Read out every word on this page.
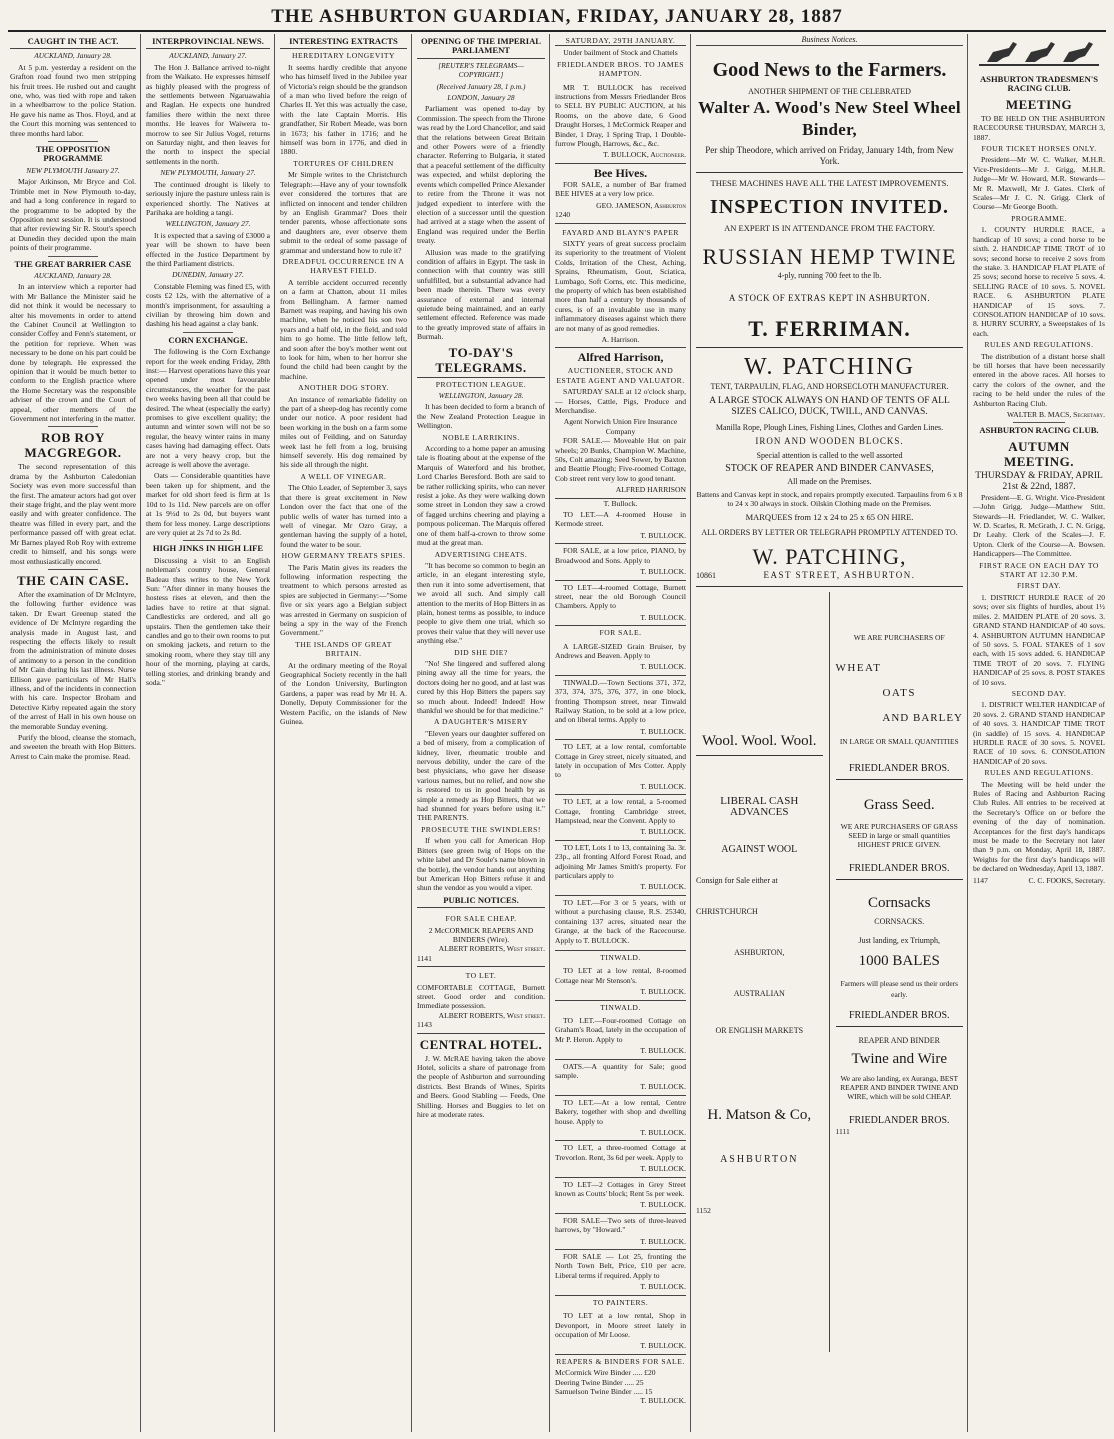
THE ASHBURTON GUARDIAN, FRIDAY, JANUARY 28, 1887
CAUGHT IN THE ACT.
AUCKLAND, January 28.

At 5 p.m. yesterday a resident on the Grafton road found two men stripping his fruit trees. He rushed out and caught one, who, was tied with rope and taken in a wheelbarrow to the police Station. He gave his name as Thos. Floyd, and at the Court this morning was sentenced to three months hard labor.

THE OPPOSITION PROGRAMME
NEW PLYMOUTH January 27.

Major Atkinson, Mr Bryce and Col. Trimble met in New Plymouth to-day, and had a long conference in regard to the programme to be adopted by the Opposition next session. It is understood that after reviewing Sir R. Stout's speech at Dunedin they decided upon the main points of their programme.

THE GREAT BARRIER CASE
AUCKLAND, January 28.

In an interview which a reporter had with Mr Ballance the Minister said he did not think it would be necessary to alter his movements in order to attend the Cabinet Council at Wellington to consider Coffey and Fenn's statement, or the petition for reprieve. When was necessary to be done on his part could be done by telegraph. He expressed the opinion that it would be much better to conform to the English practice where the Home Secretary was the responsible adviser of the crown and the Court of appeal, other members of the Government not interfering in the matter.

ROB ROY MACGREGOR.

The second representation of this drama by the Ashburton Caledonian Society was even more successful than the first. The amateur actors had got over their stage fright, and the play went more easily and with greater confidence. The theatre was filled in every part, and the performance passed off with great eclat. Mr Barnes played Rob Roy with extreme credit to himself, and his songs were most enthusiastically encored.

THE CAIN CASE.

After the examination of Dr McIntyre, the following further evidence was taken. Dr Ewart Greenup stated the evidence of Dr McIntyre regarding the analysis made in August last, and respecting the effects likely to result from the administration of minute doses of antimony to a person in the condition of Mr Cain during his last illness. Nurse Ellison gave particulars of Mr Hall's illness, and of the incidents in connection with his care. Inspector Broham and Detective Kirby repeated again the story of the arrest of Hall in his own house on the memorable Sunday evening.

Purify the blood, cleanse the stomach, and sweeten the breath with Hop Bitters. Arrest to Cain make the promise. Read.

INTERPROVINCIAL NEWS.
AUCKLAND, January 27.

The Hon J. Ballance arrived to-night from the Waikato. He expresses himself as highly pleased with the progress of the settlements between Ngaruawahia and Raglan. He expects one hundred families there within the next three months. He leaves for Waiwera to-morrow to see Sir Julius Vogel, returns on Saturday night, and then leaves for the north to inspect the special settlements in the north.

NEW PLYMOUTH, January 27.

The continued drought is likely to seriously injure the pasture unless rain is experienced shortly. The Natives at Parihaka are holding a tangi.

WELLINGTON, January 27.

It is expected that a saving of £3000 a year will be shown to have been effected in the Justice Department by the third Parliament districts.

DUNEDIN, January 27.

Constable Fleming was fined £5, with costs £2 12s, with the alternative of a month's imprisonment, for assaulting a civilian by throwing him down and dashing his head against a clay bank.

CORN EXCHANGE.

The following is the Corn Exchange report for the week ending Friday, 28th inst:— Harvest operations have this year opened under most favourable circumstances, the weather for the past two weeks having been all that could be desired. The wheat (especially the early) promises to give excellent quality; the autumn and winter sown will not be so regular, the heavy winter rains in many cases having had damaging effect. Oats are not a very heavy crop, but the acreage is well above the average.

Oats — Considerable quantities have been taken up for shipment, and the market for old short feed is firm at 1s 10d to 1s 11d. New parcels are on offer at 1s 9½d to 2s 0d, but buyers want them for less money. Large descriptions are very quiet at 2s 7d to 2s 8d.

HIGH JINKS IN HIGH LIFE

Discussing a visit to an English nobleman's country house, General Badeau thus writes to the New York Sun: "After dinner in many houses the hostess rises at eleven, and then the ladies have to retire at that signal. Candlesticks are ordered, and all go upstairs. Then the gentlemen take their candles and go to their own rooms to put on smoking jackets, and return to the smoking room, where they stay till any hour of the morning, playing at cards, telling stories, and drinking brandy and soda."

INTERESTING EXTRACTS
HEREDITARY LONGEVITY

It seems hardly credible that anyone who has himself lived in the Jubilee year of Victoria's reign should be the grandson of a man who lived before the reign of Charles II. Yet this was actually the case, with the late Captain Morris. His grandfather, Sir Robert Meade, was born in 1673; his father in 1716; and he himself was born in 1776, and died in 1880.

TORTURES OF CHILDREN

Mr Simple writes to the Christchurch Telegraph:—Have any of your townsfolk ever considered the tortures that are inflicted on innocent and tender children by an English Grammar? Does their tender parents, whose affectionate sons and daughters are, ever observe them submit to the ordeal of some passage of grammar and understand how to rule it?

DREADFUL OCCURRENCE IN A HARVEST FIELD.

A terrible accident occurred recently on a farm at Chatton, about 11 miles from Bellingham. A farmer named Barnett was reaping, and having his own machine, when he noticed his son two years and a half old, in the field, and told him to go home. The little fellow left, and soon after the boy's mother went out to look for him, when to her horror she found the child had been caught by the machine.

ANOTHER DOG STORY.

An instance of remarkable fidelity on the part of a sheep-dog has recently come under our notice. A poor resident had been working in the bush on a farm some miles out of Feilding, and on Saturday week last he fell from a log, bruising himself severely. His dog remained by his side all through the night.

A WELL OF VINEGAR.

The Ohio Leader, of September 3, says that there is great excitement in New London over the fact that one of the public wells of water has turned into a well of vinegar. Mr Ozro Gray, a gentleman having the supply of a hotel, found the water to be sour.

HOW GERMANY TREATS SPIES.

The Paris Matin gives its readers the following information respecting the treatment to which persons arrested as spies are subjected in Germany:—"Some five or six years ago a Belgian subject was arrested in Germany on suspicion of being a spy in the way of the French Government."

THE ISLANDS OF GREAT BRITAIN.

At the ordinary meeting of the Royal Geographical Society recently in the hall of the London University, Burlington Gardens, a paper was read by Mr H. A. Donelly, Deputy Commissioner for the Western Pacific, on the islands of New Guinea.

OPENING OF THE IMPERIAL PARLIAMENT
[REUTER'S TELEGRAMS—COPYRIGHT.]
(Received January 28, 1 p.m.)
LONDON, January 28

Parliament was opened to-day by Commission. The speech from the Throne was read by the Lord Chancellor, and said that the relations between Great Britain and other Powers were of a friendly character. Referring to Bulgaria, it stated that a peaceful settlement of the difficulty was expected, and whilst deploring the events which compelled Prince Alexander to retire from the Throne it was not judged expedient to interfere with the election of a successor until the question had arrived at a stage when the assent of England was required under the Berlin treaty.

Allusion was made to the gratifying condition of affairs in Egypt. The task in connection with that country was still unfulfilled, but a substantial advance had been made therein. There was every assurance of external and internal quietude being maintained, and an early settlement effected. Reference was made to the greatly improved state of affairs in Burmah.

TO-DAY'S TELEGRAMS.
PROTECTION LEAGUE.
WELLINGTON, January 28.

It has been decided to form a branch of the New Zealand Protection League in Wellington.

NOBLE LARRIKINS.

According to a home paper an amusing tale is floating about at the expense of the Marquis of Waterford and his brother, Lord Charles Beresford. Both are said to be rather rollicking spirits, who can never resist a joke. As they were walking down some street in London they saw a crowd of fagged urchins cheering and playing a pompous policeman. The Marquis offered one of them half-a-crown to throw some mud at the great man.

ADVERTISING CHEATS.

"It has become so common to begin an article, in an elegant interesting style, then run it into some advertisement, that we avoid all such. And simply call attention to the merits of Hop Bitters in as plain, honest terms as possible, to induce people to give them one trial, which so proves their value that they will never use anything else."

DID SHE DIE?

"No! She lingered and suffered along pining away all the time for years, the doctors doing her no good, and at last was cured by this Hop Bitters the papers say so much about. Indeed! Indeed! How thankful we should be for that medicine."

A DAUGHTER'S MISERY

"Eleven years our daughter suffered on a bed of misery, from a complication of kidney, liver, rheumatic trouble and nervous debility, under the care of the best physicians, who gave her disease various names, but no relief, and now she is restored to us in good health by as simple a remedy as Hop Bitters, that we had shunned for years before using it." THE PARENTS.

PROSECUTE THE SWINDLERS!

If when you call for American Hop Bitters (see green twig of Hops on the white label and Dr Soule's name blown in the bottle), the vendor hands out anything but American Hop Bitters refuse it and shun the vendor as you would a viper.

PUBLIC NOTICES.
FOR SALE CHEAP.
2 McCORMICK REAPERS AND BINDERS (Wire).
ALBERT ROBERTS, West street.
1141
TO LET.
COMFORTABLE COTTAGE, Burnett street. Good order and condition. Immediate possession.
ALBERT ROBERTS, West street.
1143
CENTRAL HOTEL.

J. W. McRAE having taken the above Hotel, solicits a share of patronage from the people of Ashburton and surrounding districts. Best Brands of Wines, Spirits and Beers. Good Stabling — Feeds, One Shilling. Horses and Buggies to let on hire at moderate rates.

SATURDAY, 29TH JANUARY.
Under bailment of Stock and Chattels
FRIEDLANDER BROS. TO JAMES HAMPTON.

MR T. BULLOCK has received instructions from Messrs Friedlander Bros to SELL BY PUBLIC AUCTION, at his Rooms, on the above date, 6 Good Draught Horses, 1 McCormick Reaper and Binder, 1 Dray, 1 Spring Trap, 1 Double-furrow Plough, Harrows, &c., &c.

T. BULLOCK, Auctioneer.
Bee Hives.

FOR SALE, a number of Bar framed BEE HIVES at a very low price.

GEO. JAMESON, Ashburton
1240
FAYARD AND BLAYN'S PAPER

SIXTY years of great success proclaim its superiority to the treatment of Violent Colds, Irritation of the Chest, Aching, Sprains, Rheumatism, Gout, Sciatica, Lumbago, Soft Corns, etc. This medicine, the property of which has been established more than half a century by thousands of cures, is of an invaluable use in many inflammatory diseases against which there are not many of as good remedies.

A. Harrison.
Alfred Harrison,
AUCTIONEER, STOCK AND ESTATE AGENT AND VALUATOR.

SATURDAY SALE at 12 o'clock sharp,— Horses, Cattle, Pigs, Produce and Merchandise.

Agent Norwich Union Fire Insurance Company

FOR SALE.— Moveable Hut on pair wheels; 20 Bunks, Champion W. Machine, 50s, Colt amazing; Seed Sower, by Baxton and Beattie Plough; Five-roomed Cottage, Cob street rent very low to good tenant.

ALFRED HARRISON
T. Bullock.

TO LET.—A 4-roomed House in Kermode street.

T. BULLOCK.

FOR SALE, at a low price, PIANO, by Broadwood and Sons. Apply to

T. BULLOCK.

TO LET—4-roomed Cottage, Burnett street, near the old Borough Council Chambers. Apply to

T. BULLOCK.
FOR SALE.

A LARGE-SIZED Grain Bruiser, by Andrews and Beaven. Apply to

T. BULLOCK.

TINWALD.—Town Sections 371, 372, 373, 374, 375, 376, 377, in one block, fronting Thompson street, near Tinwald Railway Station, to be sold at a low price, and on liberal terms. Apply to

T. BULLOCK.

TO LET, at a low rental, comfortable Cottage in Grey street, nicely situated, and lately in occupation of Mrs Cotter. Apply to

T. BULLOCK.

TO LET, at a low rental, a 5-roomed Cottage, fronting Cambridge street, Hampstead, near the Convent. Apply to

T. BULLOCK.

TO LET, Lots 1 to 13, containing 3a. 3r. 23p., all fronting Alford Forest Road, and adjoining Mr James Smith's property. For particulars apply to

T. BULLOCK.

TO LET.—For 3 or 5 years, with or without a purchasing clause, R.S. 25340, containing 137 acres, situated near the Grange, at the back of the Racecourse. Apply to T. BULLOCK.

TINWALD.

TO LET at a low rental, 8-roomed Cottage near Mr Stenson's.

T. BULLOCK.
TINWALD.

TO LET.—Four-roomed Cottage on Graham's Road, lately in the occupation of Mr P. Heron. Apply to

T. BULLOCK.

OATS.—A quantity for Sale; good sample.

T. BULLOCK.

TO LET.—At a low rental, Centre Bakery, together with shop and dwelling house. Apply to

T. BULLOCK.

TO LET, a three-roomed Cottage at Trevorlon. Rent, 3s 6d per week. Apply to

T. BULLOCK.

TO LET—2 Cottages in Grey Street known as Coutts' block; Rent 5s per week.

T. BULLOCK.

FOR SALE—Two sets of three-leaved harrows, by "Howard."

T. BULLOCK.

FOR SALE — Lot 25, fronting the North Town Belt, Price, £10 per acre. Liberal terms if required. Apply to

T. BULLOCK.
TO PAINTERS.

TO LET at a low rental, Shop in Devonport, in Moore street lately in occupation of Mr Loose.

T. BULLOCK.
REAPERS & BINDERS FOR SALE.
McCormick Wire Binder ..... £20
Deering Twine Binder ..... 25
Samuelson Twine Binder ..... 15
T. BULLOCK.
Business Notices.
Good News to the Farmers.
ANOTHER SHIPMENT OF THE CELEBRATED
Walter A. Wood's New Steel Wheel Binder,
Per ship Theodore, which arrived on Friday, January 14th, from New York.
THESE MACHINES HAVE ALL THE LATEST IMPROVEMENTS.
INSPECTION INVITED.
AN EXPERT IS IN ATTENDANCE FROM THE FACTORY.
RUSSIAN HEMP TWINE
4-ply, running 700 feet to the lb.
A STOCK OF EXTRAS KEPT IN ASHBURTON.
T. FERRIMAN.
W. PATCHING
TENT, TARPAULIN, FLAG, AND HORSECLOTH MANUFACTURER.
A LARGE STOCK ALWAYS ON HAND OF TENTS OF ALL SIZES CALICO, DUCK, TWILL, AND CANVAS.
Manilla Rope, Plough Lines, Fishing Lines, Clothes and Garden Lines.
IRON AND WOODEN BLOCKS.
Special attention is called to the well assorted
STOCK OF REAPER AND BINDER CANVASES,
All made on the Premises.
Battens and Canvas kept in stock, and repairs promptly executed. Tarpaulins from 6 x 8 to 24 x 30 always in stock. Oilskin Clothing made on the Premises.
MARQUEES from 12 x 24 to 25 x 65 ON HIRE.
ALL ORDERS BY LETTER OR TELEGRAPH PROMPTLY ATTENDED TO.
W. PATCHING,
10861	EAST STREET, ASHBURTON.
Wool. Wool. Wool.
LIBERAL CASH ADVANCES
AGAINST WOOL
Consign for Sale either at
CHRISTCHURCH
ASHBURTON,
AUSTRALIAN
OR ENGLISH MARKETS
H. Matson & Co,
ASHBURTON
1152
WE ARE PURCHASERS OF
WHEAT
OATS
AND BARLEY
IN LARGE OR SMALL QUANTITIES
FRIEDLANDER BROS.
Grass Seed.
WE ARE PURCHASERS OF GRASS SEED in large or small quantities HIGHEST PRICE GIVEN.
FRIEDLANDER BROS.
Cornsacks
CORNSACKS.
Just landing, ex Triumph,
1000 BALES
Farmers will please send us their orders early.
FRIEDLANDER BROS.
REAPER AND BINDER
Twine and Wire
We are also landing, ex Auranga, BEST REAPER AND BINDER TWINE AND WIRE, which will be sold CHEAP.
FRIEDLANDER BROS.
1111
ASHBURTON TRADESMEN'S RACING CLUB.
MEETING

TO BE HELD ON THE ASHBURTON RACECOURSE THURSDAY, MARCH 3, 1887.

FOUR TICKET HORSES ONLY.

President—Mr W. C. Walker, M.H.R. Vice-Presidents—Mr J. Grigg, M.H.R. Judge—Mr W. Howard, M.R. Stewards—Mr R. Maxwell, Mr J. Gates. Clerk of Scales—Mr J. C. N. Grigg. Clerk of Course—Mr George Booth.

PROGRAMME.

1. COUNTY HURDLE RACE, a handicap of 10 sovs; a cond horse to be sixth. 2. HANDICAP TIME TROT of 10 sovs; second horse to receive 2 sovs from the stake. 3. HANDICAP FLAT PLATE of 25 sovs; second horse to receive 5 sovs. 4. SELLING RACE of 10 sovs. 5. NOVEL RACE. 6. ASHBURTON PLATE HANDICAP of 15 sovs. 7. CONSOLATION HANDICAP of 10 sovs. 8. HURRY SCURRY, a Sweepstakes of 1s each.

RULES AND REGULATIONS.

The distribution of a distant horse shall be till horses that have been necessarily entered in the above races. All horses to carry the colors of the owner, and the racing to be held under the rules of the Ashburton Racing Club.

WALTER B. MACS, Secretary.
ASHBURTON RACING CLUB.
AUTUMN MEETING.
THURSDAY & FRIDAY, APRIL 21st & 22nd, 1887.

President—E. G. Wright. Vice-President—John Grigg. Judge—Matthew Stitt. Stewards—H. Friedlander, W. C. Walker, W. D. Scarles, R. McGrath, J. C. N. Grigg, Dr Leahy. Clerk of the Scales—J. F. Upton. Clerk of the Course—A. Bowsen. Handicappers—The Committee.

FIRST RACE ON EACH DAY TO START AT 12.30 P.M.
FIRST DAY.

1. DISTRICT HURDLE RACE of 20 sovs; over six flights of hurdles, about 1½ miles. 2. MAIDEN PLATE of 20 sovs. 3. GRAND STAND HANDICAP of 40 sovs. 4. ASHBURTON AUTUMN HANDICAP of 50 sovs. 5. FOAL STAKES of 1 sov each, with 15 sovs added. 6. HANDICAP TIME TROT of 20 sovs. 7. FLYING HANDICAP of 25 sovs. 8. POST STAKES of 10 sovs.

SECOND DAY.

1. DISTRICT WELTER HANDICAP of 20 sovs. 2. GRAND STAND HANDICAP of 40 sovs. 3. HANDICAP TIME TROT (in saddle) of 15 sovs. 4. HANDICAP HURDLE RACE of 30 sovs. 5. NOVEL RACE of 10 sovs. 6. CONSOLATION HANDICAP of 20 sovs.

RULES AND REGULATIONS.

The Meeting will be held under the Rules of Racing and Ashburton Racing Club Rules. All entries to be received at the Secretary's Office on or before the evening of the day of nomination. Acceptances for the first day's handicaps must be made to the Secretary not later than 9 p.m. on Monday, April 18, 1887. Weights for the first day's handicaps will be declared on Wednesday, April 13, 1887.

1147	C. C. FOOKS, Secretary.
